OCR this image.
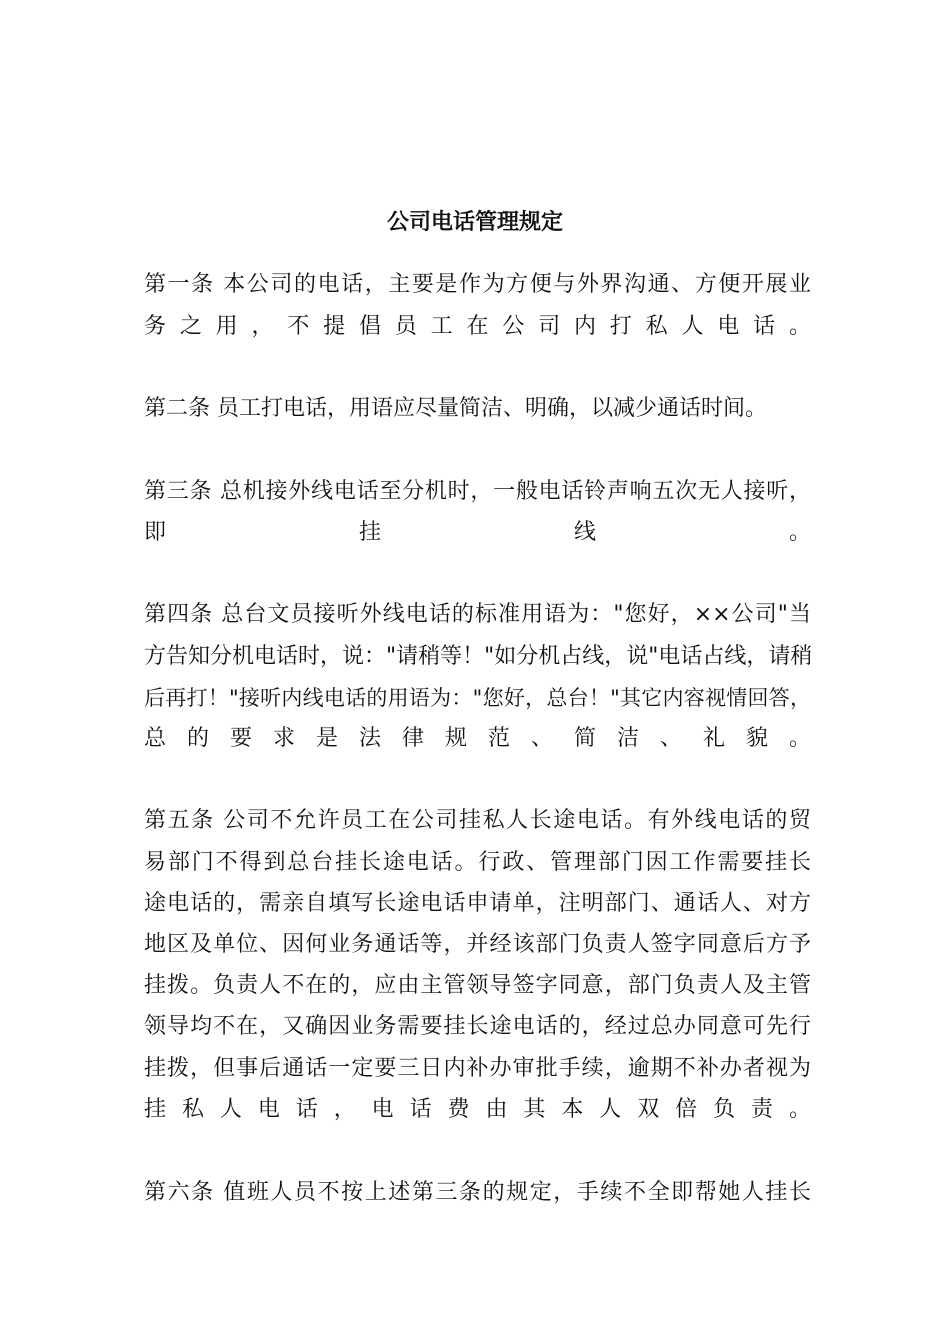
公司电话管理规定
第一条 本公司的电话，主要是作为方便与外界沟通、方便开展业
务 之 用 ， 不 提 倡 员 工 在 公 司 内 打 私 人 电 话 。
第二条 员工打电话，用语应尽量简洁、明确，以减少通话时间。
第三条 总机接外线电话至分机时，一般电话铃声响五次无人接听，
即 挂 线 。
第四条 总台文员接听外线电话的标准用语为："您好，××公司"当
方告知分机电话时，说："请稍等！"如分机占线，说"电话占线，请稍
后再打！"接听内线电话的用语为："您好，总台！"其它内容视情回答，
总 的 要 求 是 法 律 规 范 、 简 洁 、 礼 貌 。
第五条 公司不允许员工在公司挂私人长途电话。有外线电话的贸
易部门不得到总台挂长途电话。行政、管理部门因工作需要挂长
途电话的，需亲自填写长途电话申请单，注明部门、通话人、对方
地区及单位、因何业务通话等，并经该部门负责人签字同意后方予
挂拨。负责人不在的，应由主管领导签字同意，部门负责人及主管
领导均不在，又确因业务需要挂长途电话的，经过总办同意可先行
挂拨，但事后通话一定要三日内补办审批手续，逾期不补办者视为
挂 私 人 电 话 ， 电 话 费 由 其 本 人 双 倍 负 责 。
第六条 值班人员不按上述第三条的规定，手续不全即帮她人挂长
